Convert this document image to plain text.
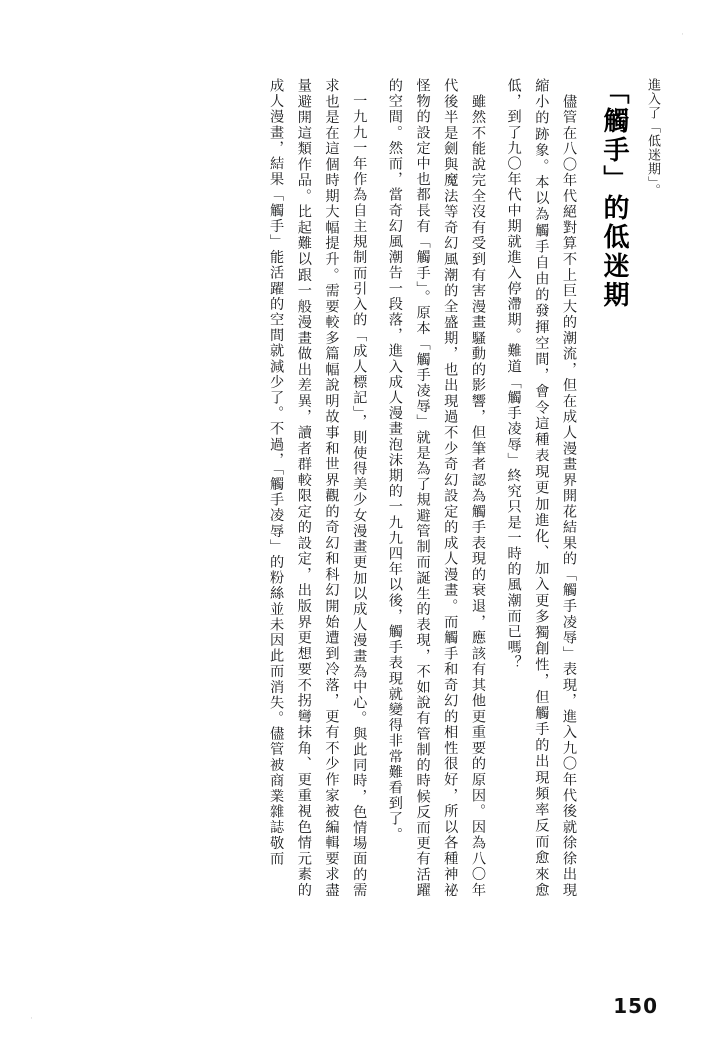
·
·
　一九九一年作為自主規制而引入的「成人標記」，則使得美少女漫畫更加以成人漫畫為中心。與此同時，色情場面的需求也是在這個時期大幅提升。需要較多篇幅說明故事和世界觀的奇幻和科幻開始遭到冷落，更有不少作家被編輯要求盡量避開這類作品。比起難以跟一般漫畫做出差異，讀者群較限定的設定，出版界更想要不拐彎抹角、更重視色情元素的成人漫畫，結果「觸手」能活躍的空間就減少了。不過，「觸手凌辱」的粉絲並未因此而消失。儘管被商業雜誌敬而	　雖然不能說完全沒有受到有害漫畫騷動的影響，但筆者認為觸手表現的衰退，應該有其他更重要的原因。因為八〇年代後半是劍與魔法等奇幻風潮的全盛期，也出現過不少奇幻設定的成人漫畫。而觸手和奇幻的相性很好，所以各種神祕怪物的設定中也都長有「觸手」。原本「觸手凌辱」就是為了規避管制而誕生的表現，不如說有管制的時候反而更有活躍的空間。然而，當奇幻風潮告一段落，進入成人漫畫泡沫期的一九九四年以後，觸手表現就變得非常難看到了。	　儘管在八〇年代絕對算不上巨大的潮流，但在成人漫畫界開花結果的「觸手凌辱」表現，進入九〇年代後就徐徐出現縮小的跡象。本以為觸手自由的發揮空間，會令這種表現更加進化、加入更多獨創性，但觸手的出現頻率反而愈來愈低，到了九〇年代中期就進入停滯期。難道「觸手凌辱」終究只是一時的風潮而已嗎？	「觸手」的低迷期	進入了「低迷期」。
150
